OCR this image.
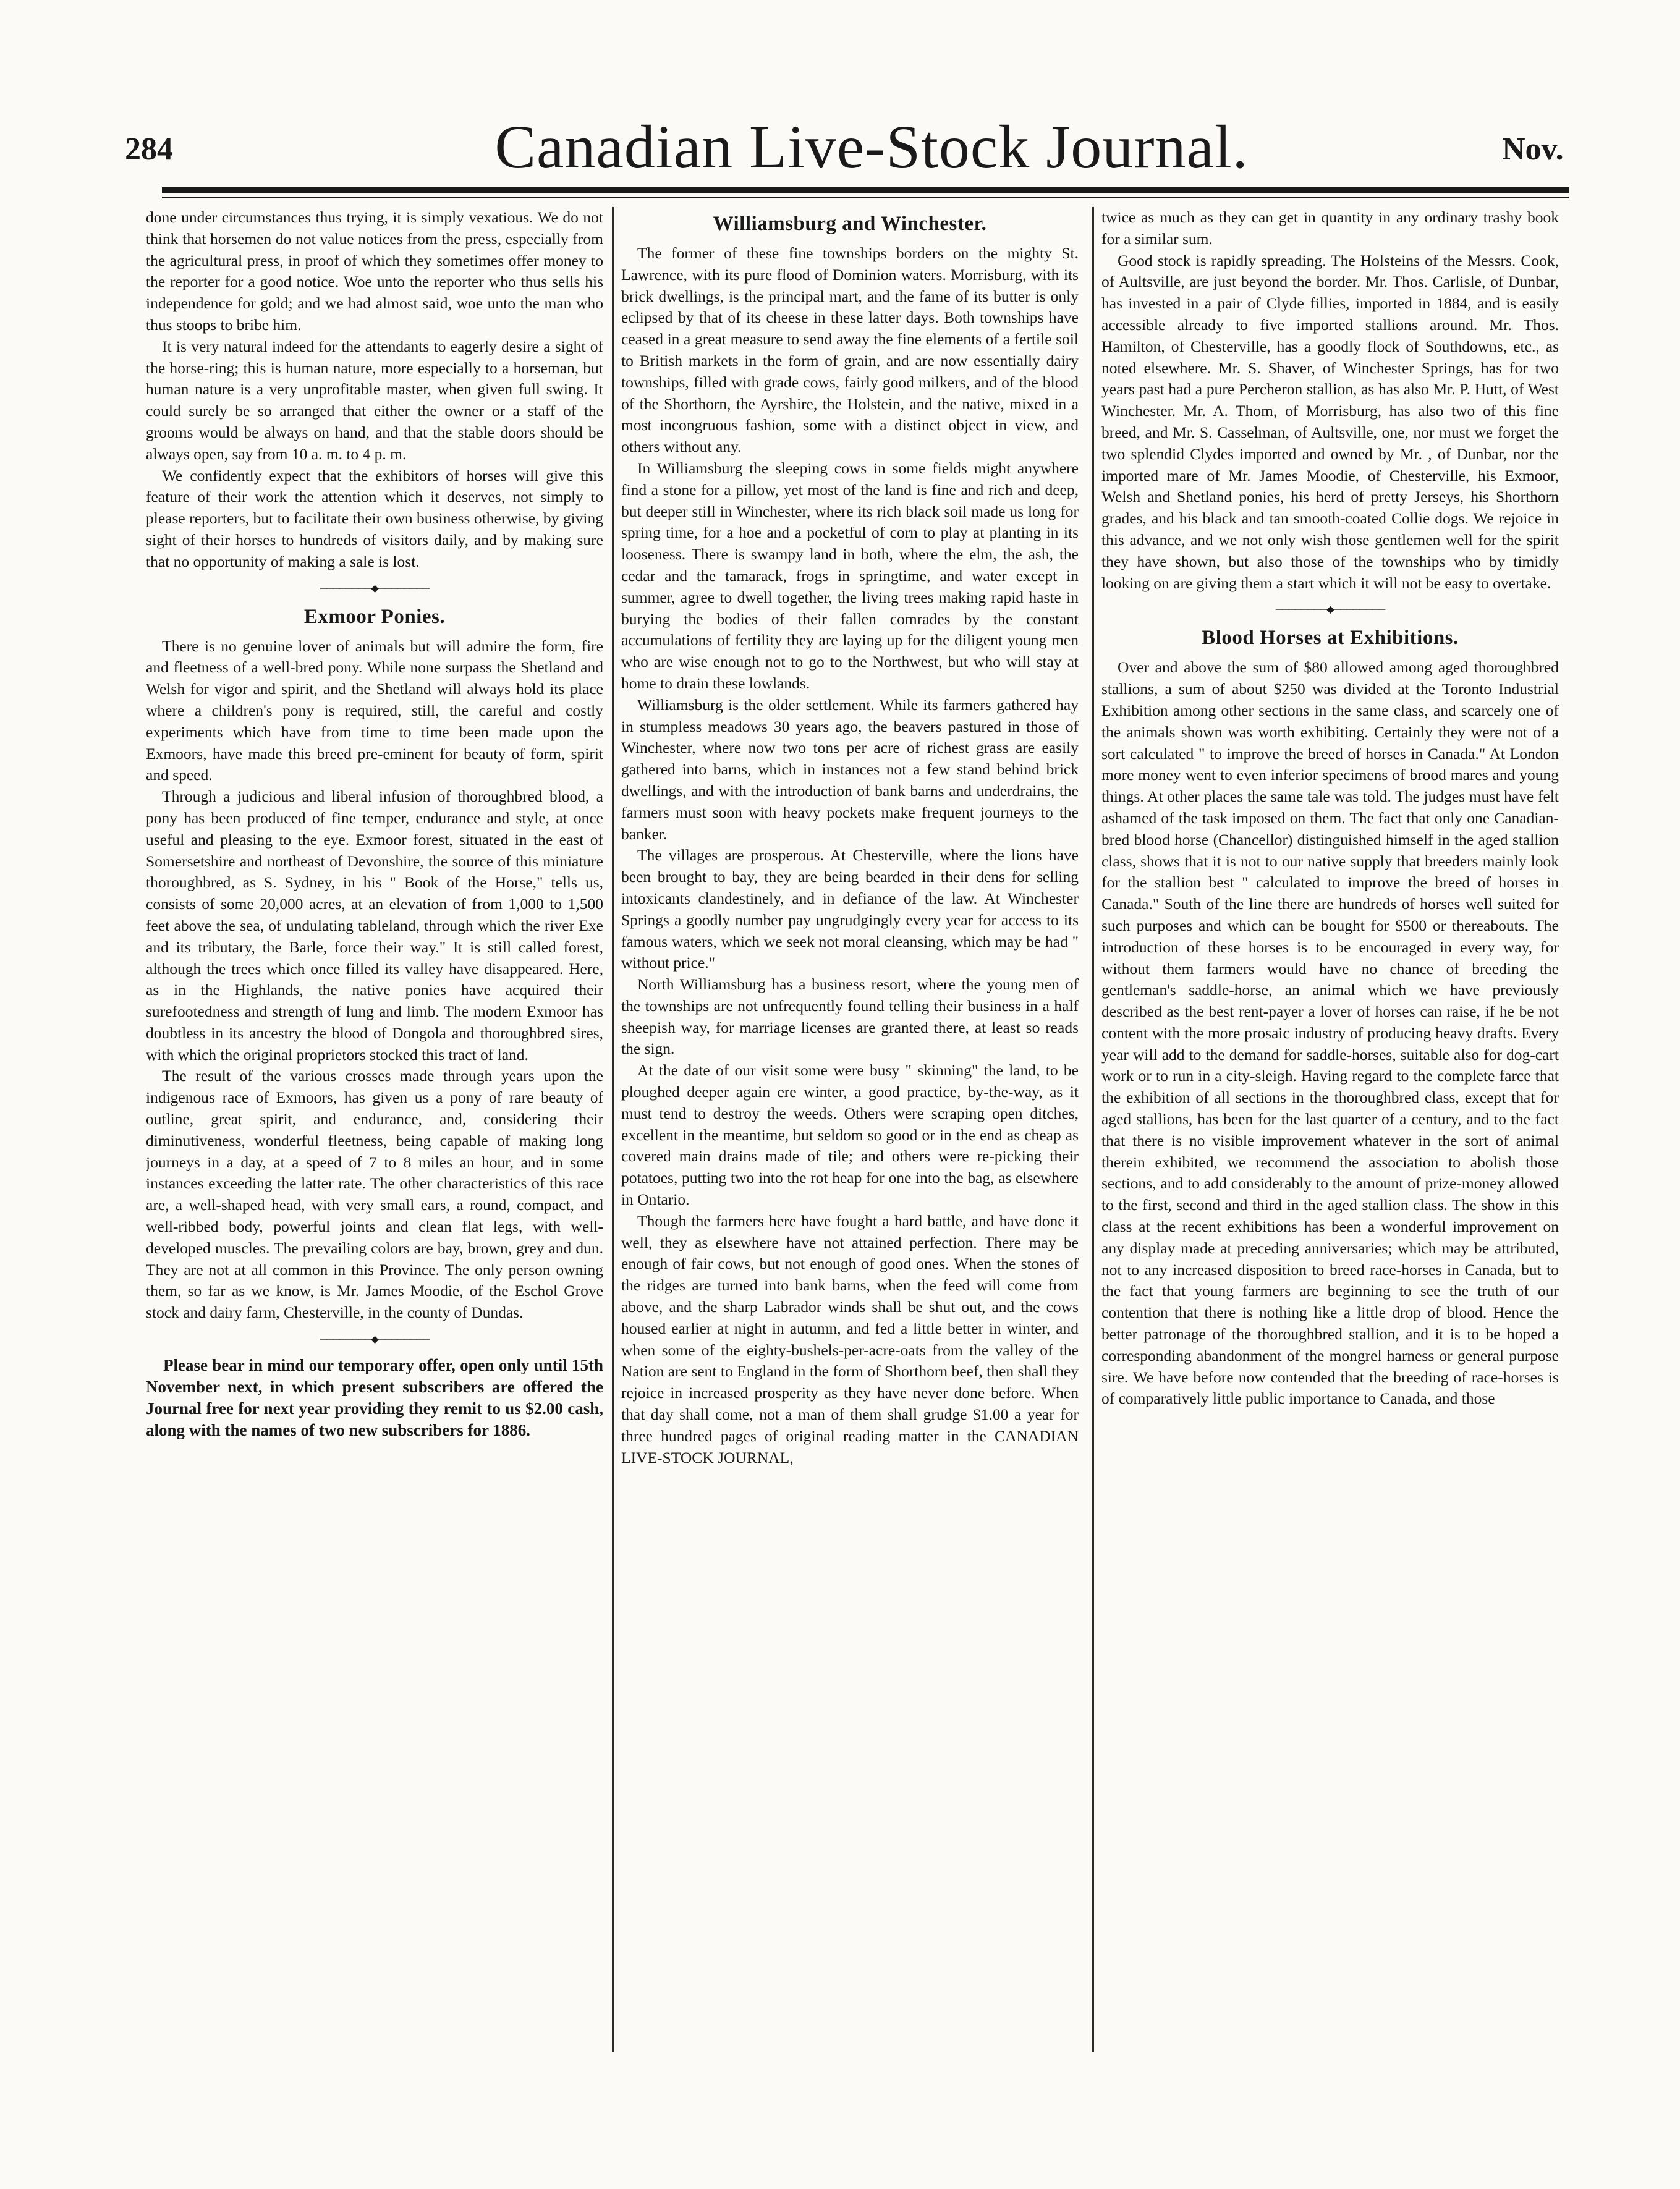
284	Canadian Live-Stock Journal.	Nov.

done under circumstances thus trying, it is simply vexatious. We do not think that horsemen do not value notices from the press, especially from the agricultural press, in proof of which they sometimes offer money to the reporter for a good notice. Woe unto the reporter who thus sells his independence for gold; and we had almost said, woe unto the man who thus stoops to bribe him.

It is very natural indeed for the attendants to eagerly desire a sight of the horse-ring; this is human nature, more especially to a horseman, but human nature is a very unprofitable master, when given full swing. It could surely be so arranged that either the owner or a staff of the grooms would be always on hand, and that the stable doors should be always open, say from 10 a. m. to 4 p. m.

We confidently expect that the exhibitors of horses will give this feature of their work the attention which it deserves, not simply to please reporters, but to facilitate their own business otherwise, by giving sight of their horses to hundreds of visitors daily, and by making sure that no opportunity of making a sale is lost.

────────◆────────
Exmoor Ponies.

There is no genuine lover of animals but will admire the form, fire and fleetness of a well-bred pony. While none surpass the Shetland and Welsh for vigor and spirit, and the Shetland will always hold its place where a children's pony is required, still, the careful and costly experiments which have from time to time been made upon the Exmoors, have made this breed pre-eminent for beauty of form, spirit and speed.

Through a judicious and liberal infusion of thoroughbred blood, a pony has been produced of fine temper, endurance and style, at once useful and pleasing to the eye. Exmoor forest, situated in the east of Somersetshire and northeast of Devonshire, the source of this miniature thoroughbred, as S. Sydney, in his " Book of the Horse," tells us, consists of some 20,000 acres, at an elevation of from 1,000 to 1,500 feet above the sea, of undulating tableland, through which the river Exe and its tributary, the Barle, force their way." It is still called forest, although the trees which once filled its valley have disappeared. Here, as in the Highlands, the native ponies have acquired their surefootedness and strength of lung and limb. The modern Exmoor has doubtless in its ancestry the blood of Dongola and thoroughbred sires, with which the original proprietors stocked this tract of land.

The result of the various crosses made through years upon the indigenous race of Exmoors, has given us a pony of rare beauty of outline, great spirit, and endurance, and, considering their diminutiveness, wonderful fleetness, being capable of making long journeys in a day, at a speed of 7 to 8 miles an hour, and in some instances exceeding the latter rate. The other characteristics of this race are, a well-shaped head, with very small ears, a round, compact, and well-ribbed body, powerful joints and clean flat legs, with well-developed muscles. The prevailing colors are bay, brown, grey and dun. They are not at all common in this Province. The only person owning them, so far as we know, is Mr. James Moodie, of the Eschol Grove stock and dairy farm, Chesterville, in the county of Dundas.

────────◆────────

Please bear in mind our temporary offer, open only until 15th November next, in which present subscribers are offered the Journal free for next year providing they remit to us $2.00 cash, along with the names of two new subscribers for 1886.

Williamsburg and Winchester.

The former of these fine townships borders on the mighty St. Lawrence, with its pure flood of Dominion waters. Morrisburg, with its brick dwellings, is the principal mart, and the fame of its butter is only eclipsed by that of its cheese in these latter days. Both townships have ceased in a great measure to send away the fine elements of a fertile soil to British markets in the form of grain, and are now essentially dairy townships, filled with grade cows, fairly good milkers, and of the blood of the Shorthorn, the Ayrshire, the Holstein, and the native, mixed in a most incongruous fashion, some with a distinct object in view, and others without any.

In Williamsburg the sleeping cows in some fields might anywhere find a stone for a pillow, yet most of the land is fine and rich and deep, but deeper still in Winchester, where its rich black soil made us long for spring time, for a hoe and a pocketful of corn to play at planting in its looseness. There is swampy land in both, where the elm, the ash, the cedar and the tamarack, frogs in springtime, and water except in summer, agree to dwell together, the living trees making rapid haste in burying the bodies of their fallen comrades by the constant accumulations of fertility they are laying up for the diligent young men who are wise enough not to go to the Northwest, but who will stay at home to drain these lowlands.

Williamsburg is the older settlement. While its farmers gathered hay in stumpless meadows 30 years ago, the beavers pastured in those of Winchester, where now two tons per acre of richest grass are easily gathered into barns, which in instances not a few stand behind brick dwellings, and with the introduction of bank barns and underdrains, the farmers must soon with heavy pockets make frequent journeys to the banker.

The villages are prosperous. At Chesterville, where the lions have been brought to bay, they are being bearded in their dens for selling intoxicants clandestinely, and in defiance of the law. At Winchester Springs a goodly number pay ungrudgingly every year for access to its famous waters, which we seek not moral cleansing, which may be had " without price."

North Williamsburg has a business resort, where the young men of the townships are not unfrequently found telling their business in a half sheepish way, for marriage licenses are granted there, at least so reads the sign.

At the date of our visit some were busy " skinning" the land, to be ploughed deeper again ere winter, a good practice, by-the-way, as it must tend to destroy the weeds. Others were scraping open ditches, excellent in the meantime, but seldom so good or in the end as cheap as covered main drains made of tile; and others were re-picking their potatoes, putting two into the rot heap for one into the bag, as elsewhere in Ontario.

Though the farmers here have fought a hard battle, and have done it well, they as elsewhere have not attained perfection. There may be enough of fair cows, but not enough of good ones. When the stones of the ridges are turned into bank barns, when the feed will come from above, and the sharp Labrador winds shall be shut out, and the cows housed earlier at night in autumn, and fed a little better in winter, and when some of the eighty-bushels-per-acre-oats from the valley of the Nation are sent to England in the form of Shorthorn beef, then shall they rejoice in increased prosperity as they have never done before. When that day shall come, not a man of them shall grudge $1.00 a year for three hundred pages of original reading matter in the CANADIAN LIVE-STOCK JOURNAL,

twice as much as they can get in quantity in any ordinary trashy book for a similar sum.

Good stock is rapidly spreading. The Holsteins of the Messrs. Cook, of Aultsville, are just beyond the border. Mr. Thos. Carlisle, of Dunbar, has invested in a pair of Clyde fillies, imported in 1884, and is easily accessible already to five imported stallions around. Mr. Thos. Hamilton, of Chesterville, has a goodly flock of Southdowns, etc., as noted elsewhere. Mr. S. Shaver, of Winchester Springs, has for two years past had a pure Percheron stallion, as has also Mr. P. Hutt, of West Winchester. Mr. A. Thom, of Morrisburg, has also two of this fine breed, and Mr. S. Casselman, of Aultsville, one, nor must we forget the two splendid Clydes imported and owned by Mr. , of Dunbar, nor the imported mare of Mr. James Moodie, of Chesterville, his Exmoor, Welsh and Shetland ponies, his herd of pretty Jerseys, his Shorthorn grades, and his black and tan smooth-coated Collie dogs. We rejoice in this advance, and we not only wish those gentlemen well for the spirit they have shown, but also those of the townships who by timidly looking on are giving them a start which it will not be easy to overtake.

────────◆────────
Blood Horses at Exhibitions.

Over and above the sum of $80 allowed among aged thoroughbred stallions, a sum of about $250 was divided at the Toronto Industrial Exhibition among other sections in the same class, and scarcely one of the animals shown was worth exhibiting. Certainly they were not of a sort calculated " to improve the breed of horses in Canada." At London more money went to even inferior specimens of brood mares and young things. At other places the same tale was told. The judges must have felt ashamed of the task imposed on them. The fact that only one Canadian-bred blood horse (Chancellor) distinguished himself in the aged stallion class, shows that it is not to our native supply that breeders mainly look for the stallion best " calculated to improve the breed of horses in Canada." South of the line there are hundreds of horses well suited for such purposes and which can be bought for $500 or thereabouts. The introduction of these horses is to be encouraged in every way, for without them farmers would have no chance of breeding the gentleman's saddle-horse, an animal which we have previously described as the best rent-payer a lover of horses can raise, if he be not content with the more prosaic industry of producing heavy drafts. Every year will add to the demand for saddle-horses, suitable also for dog-cart work or to run in a city-sleigh. Having regard to the complete farce that the exhibition of all sections in the thoroughbred class, except that for aged stallions, has been for the last quarter of a century, and to the fact that there is no visible improvement whatever in the sort of animal therein exhibited, we recommend the association to abolish those sections, and to add considerably to the amount of prize-money allowed to the first, second and third in the aged stallion class. The show in this class at the recent exhibitions has been a wonderful improvement on any display made at preceding anniversaries; which may be attributed, not to any increased disposition to breed race-horses in Canada, but to the fact that young farmers are beginning to see the truth of our contention that there is nothing like a little drop of blood. Hence the better patronage of the thoroughbred stallion, and it is to be hoped a corresponding abandonment of the mongrel harness or general purpose sire. We have before now contended that the breeding of race-horses is of comparatively little public importance to Canada, and those
